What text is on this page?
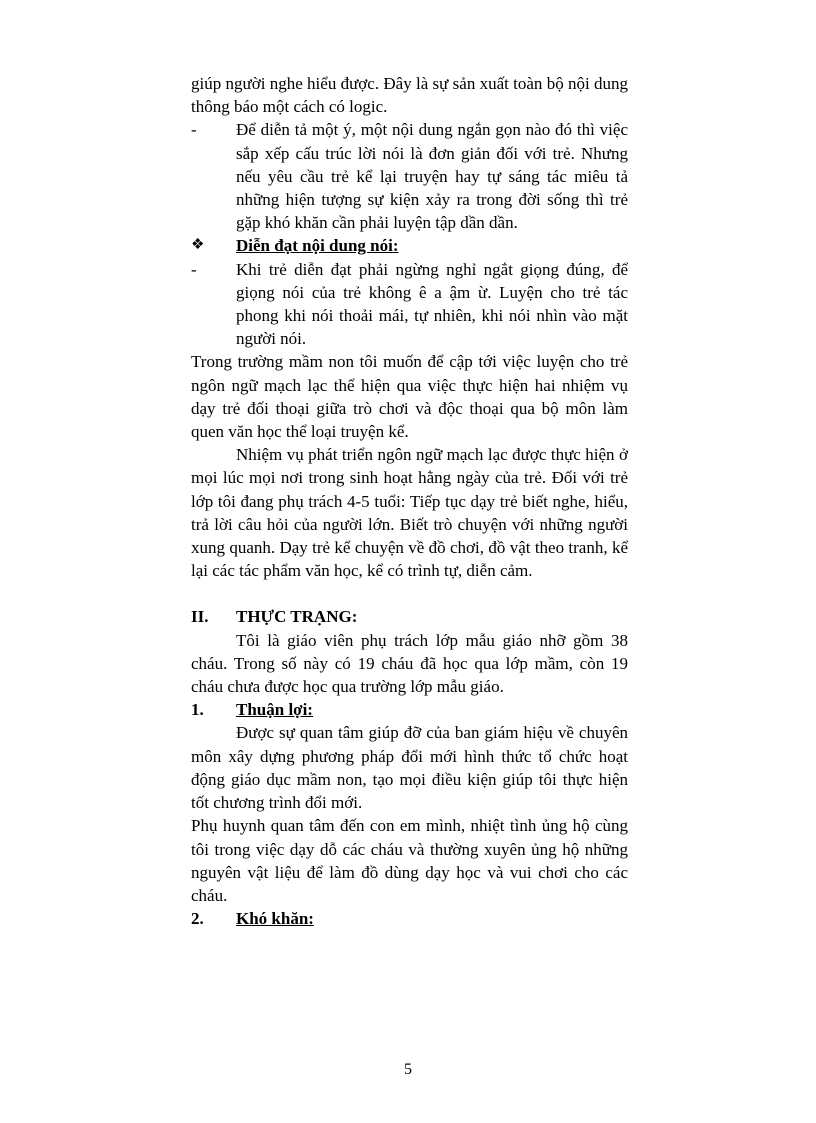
giúp người nghe hiểu được. Đây là sự sản xuất toàn bộ nội dung thông báo một cách có logic.

-	Để diễn tả một ý, một nội dung ngắn gọn nào đó thì việc sắp xếp cấu trúc lời nói là đơn giản đối với trẻ. Nhưng nếu yêu cầu trẻ kể lại truyện hay tự sáng tác miêu tả những hiện tượng sự kiện xảy ra trong đời sống thì trẻ gặp khó khăn cần phải luyện tập dần dần.
❖	Diễn đạt nội dung nói:
-	Khi trẻ diễn đạt phải ngừng nghỉ ngắt giọng đúng, để giọng nói của trẻ không ê a ậm ừ. Luyện cho trẻ tác phong khi nói thoải mái, tự nhiên, khi nói nhìn vào mặt người nói.

Trong trường mầm non tôi muốn để cập tới việc luyện cho trẻ ngôn ngữ mạch lạc thể hiện qua việc thực hiện hai nhiệm vụ dạy trẻ đối thoại giữa trò chơi và độc thoại qua bộ môn làm quen văn học thể loại truyện kể.

Nhiệm vụ phát triển ngôn ngữ mạch lạc được thực hiện ở mọi lúc mọi nơi trong sinh hoạt hằng ngày của trẻ. Đối với trẻ lớp tôi đang phụ trách 4-5 tuổi: Tiếp tục dạy trẻ biết nghe, hiểu, trả lời câu hỏi của người lớn. Biết trò chuyện với những người xung quanh. Dạy trẻ kể chuyện về đồ chơi, đồ vật theo tranh, kể lại các tác phẩm văn học, kể có trình tự, diễn cảm.

II.	THỰC TRẠNG:

Tôi là giáo viên phụ trách lớp mẫu giáo nhỡ gồm 38 cháu. Trong số này có 19 cháu đã học qua lớp mầm, còn 19 cháu chưa được học qua trường lớp mẫu giáo.

1.	Thuận lợi:

Được sự quan tâm giúp đỡ của ban giám hiệu về chuyên môn xây dựng phương pháp đổi mới hình thức tổ chức hoạt động giáo dục mầm non, tạo mọi điều kiện giúp tôi thực hiện tốt chương trình đổi mới.

Phụ huynh quan tâm đến con em mình, nhiệt tình ủng hộ cùng tôi trong việc dạy dỗ các cháu và thường xuyên ủng hộ những nguyên vật liệu để làm đồ dùng dạy học và vui chơi cho các cháu.

2.	Khó khăn:
5
